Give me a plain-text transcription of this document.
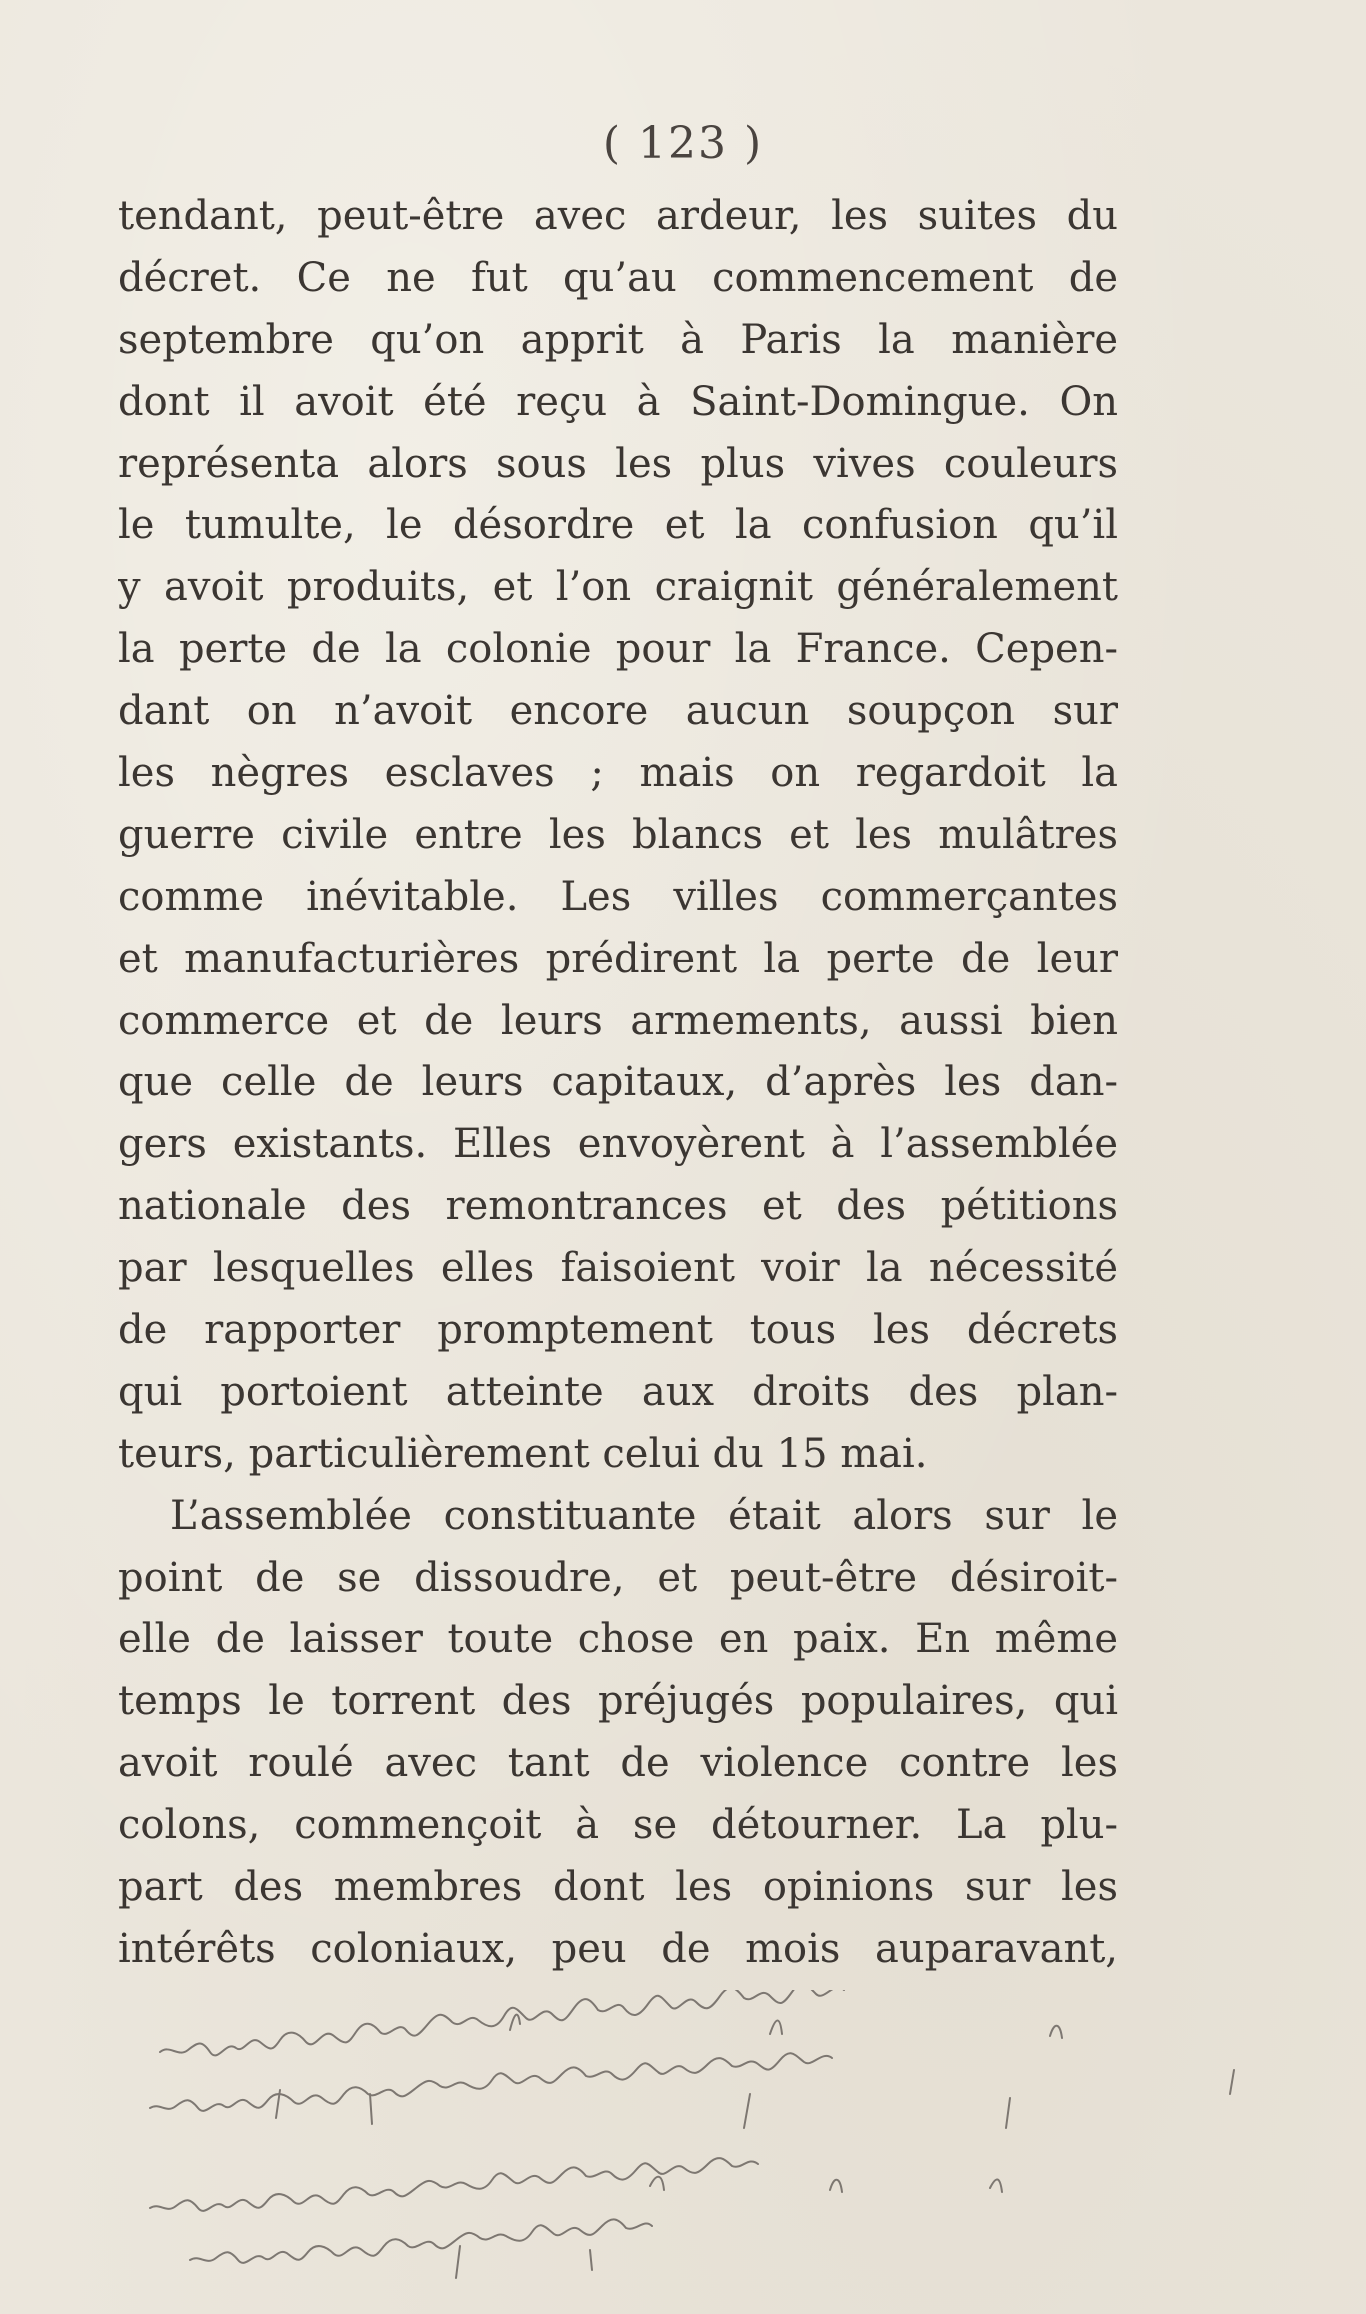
( 123 )
tendant, peut-être avec ardeur, les suites du
décret. Ce ne fut qu’au commencement de
septembre qu’on apprit à Paris la manière
dont il avoit été reçu à Saint-Domingue. On
représenta alors sous les plus vives couleurs
le tumulte, le désordre et la confusion qu’il
y avoit produits, et l’on craignit généralement
la perte de la colonie pour la France. Cepen-
dant on n’avoit encore aucun soupçon sur
les nègres esclaves ; mais on regardoit la
guerre civile entre les blancs et les mulâtres
comme inévitable. Les villes commerçantes
et manufacturières prédirent la perte de leur
commerce et de leurs armements, aussi bien
que celle de leurs capitaux, d’après les dan-
gers existants. Elles envoyèrent à l’assemblée
nationale des remontrances et des pétitions
par lesquelles elles faisoient voir la nécessité
de rapporter promptement tous les décrets
qui portoient atteinte aux droits des plan-
teurs, particulièrement celui du 15 mai.
L’assemblée constituante était alors sur le
point de se dissoudre, et peut-être désiroit-
elle de laisser toute chose en paix. En même
temps le torrent des préjugés populaires, qui
avoit roulé avec tant de violence contre les
colons, commençoit à se détourner. La plu-
part des membres dont les opinions sur les
intérêts coloniaux, peu de mois auparavant,
